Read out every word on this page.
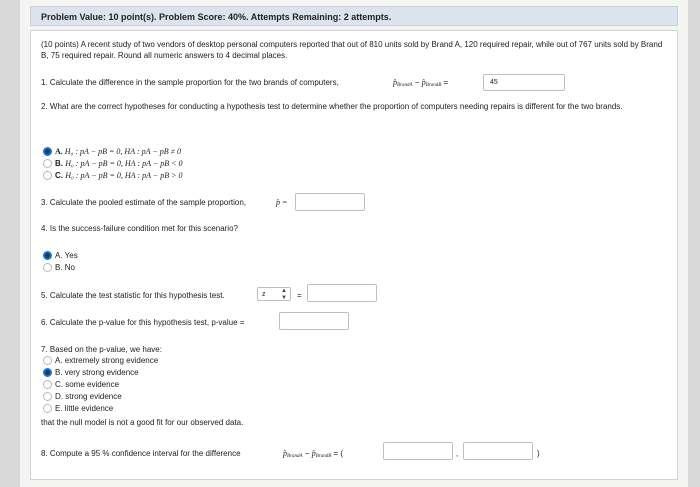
Problem Value: 10 point(s). Problem Score: 40%. Attempts Remaining: 2 attempts.
(10 points) A recent study of two vendors of desktop personal computers reported that out of 810 units sold by Brand A, 120 required repair, while out of 767 units sold by Brand B, 75 required repair. Round all numeric answers to 4 decimal places.
1. Calculate the difference in the sample proportion for the two brands of computers,	$p̂_{BrandA}$ − $p̂_{BrandB}$ =	45
2. What are the correct hypotheses for conducting a hypothesis test to determine whether the proportion of computers needing repairs is different for the two brands.
A. H₀ : pA − pB = 0, HA : pA − pB ≠ 0
B. H₀ : pA − pB = 0, HA : pA − pB < 0
C. H₀ : pA − pB = 0, HA : pA − pB > 0
3. Calculate the pooled estimate of the sample proportion,	p̂ =
4. Is the success-failure condition met for this scenario?
A. Yes
B. No
5. Calculate the test statistic for this hypothesis test.	z	▲
▼ =
6. Calculate the p-value for this hypothesis test, p-value =
7. Based on the p-value, we have:
A. extremely strong evidence
B. very strong evidence
C. some evidence
D. strong evidence
E. little evidence
that the null model is not a good fit for our observed data.
8. Compute a 95 % confidence interval for the difference	$p̂_{BrandA}$ − $p̂_{BrandB}$ = (	,	)
